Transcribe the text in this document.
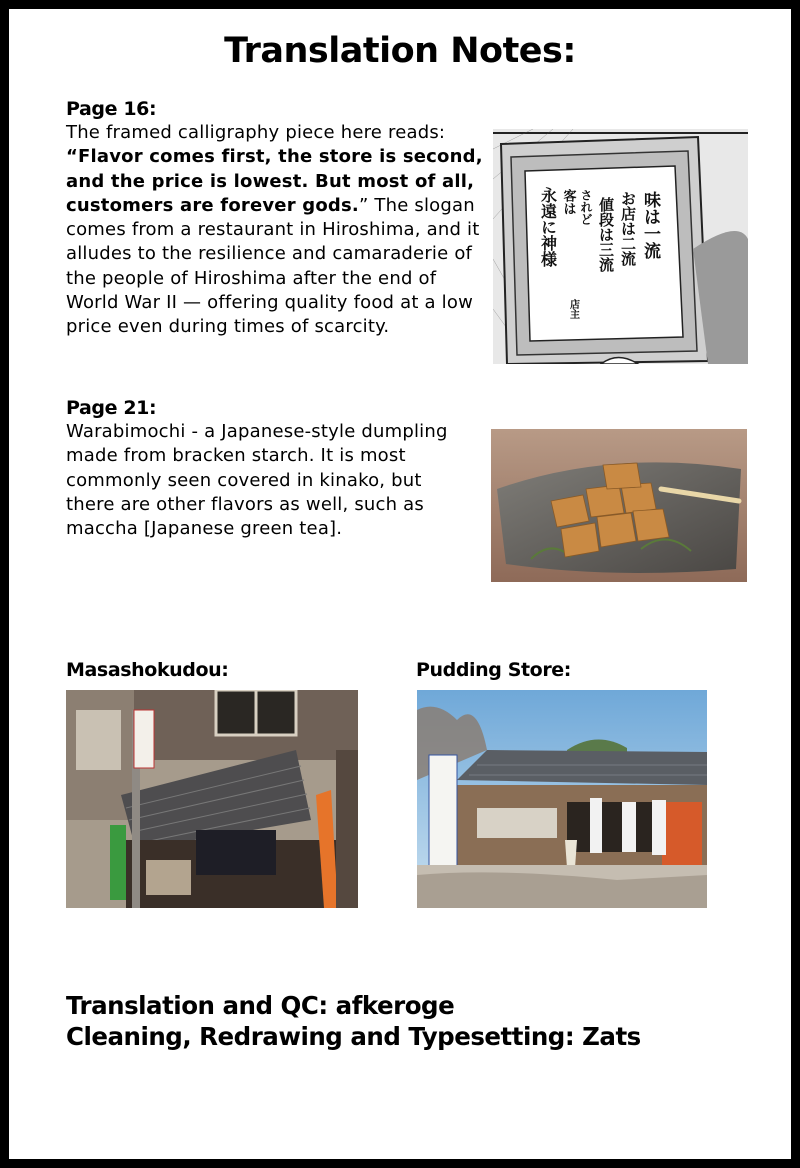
Translation Notes:
Page 16:
The framed calligraphy piece here reads: “Flavor comes first, the store is second, and the price is lowest. But most of all, customers are forever gods.” The slogan comes from a restaurant in Hiroshima, and it alludes to the resilience and camaraderie of the people of Hiroshima after the end of World War II — offering quality food at a low price even during times of scarcity.
味は一流
お店は二流
値段は三流
されど
客は
永遠に神様
店主
Page 21:
Warabimochi - a Japanese-style dumpling made from bracken starch. It is most commonly seen covered in kinako, but there are other flavors as well, such as maccha [Japanese green tea].
Masashokudou:	Pudding Store:
Translation and QC: afkeroge
Cleaning, Redrawing and Typesetting: Zats
